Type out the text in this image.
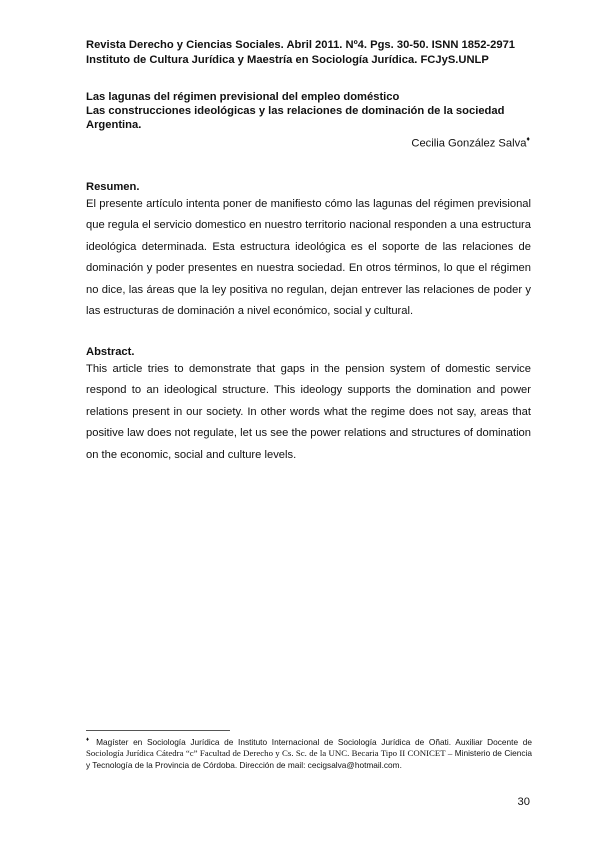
Revista Derecho y Ciencias Sociales. Abril 2011. Nº4. Pgs. 30-50. ISNN 1852-2971
Instituto de Cultura Jurídica y Maestría en Sociología Jurídica. FCJyS.UNLP
Las lagunas del régimen previsional del empleo doméstico
Las construcciones ideológicas y las relaciones de dominación de la sociedad
Argentina.
Cecilia González Salva♦
Resumen.
El presente artículo intenta poner de manifiesto cómo las lagunas del régimen previsional que regula el servicio domestico en nuestro territorio nacional responden a una estructura ideológica determinada. Esta estructura ideológica es el soporte de las relaciones de dominación y poder presentes en nuestra sociedad. En otros términos, lo que el régimen no dice, las áreas que la ley positiva no regulan, dejan entrever las relaciones de poder y las estructuras de dominación a nivel económico, social y cultural.
Abstract.
This article tries to demonstrate that gaps in the pension system of domestic service respond to an ideological structure. This ideology supports the domination and power relations present in our society. In other words what the regime does not say, areas that positive law does not regulate, let us see the power relations and structures of domination on the economic, social and culture levels.
♦ Magíster en Sociología Jurídica de Instituto Internacional de Sociología Jurídica de Oñati. Auxiliar Docente de Sociología Jurídica Cátedra “c” Facultad de Derecho y Cs. Sc. de la UNC. Becaria Tipo II CONICET – Ministerio de Ciencia y Tecnología de la Provincia de Córdoba. Dirección de mail: cecigsalva@hotmail.com.
30
